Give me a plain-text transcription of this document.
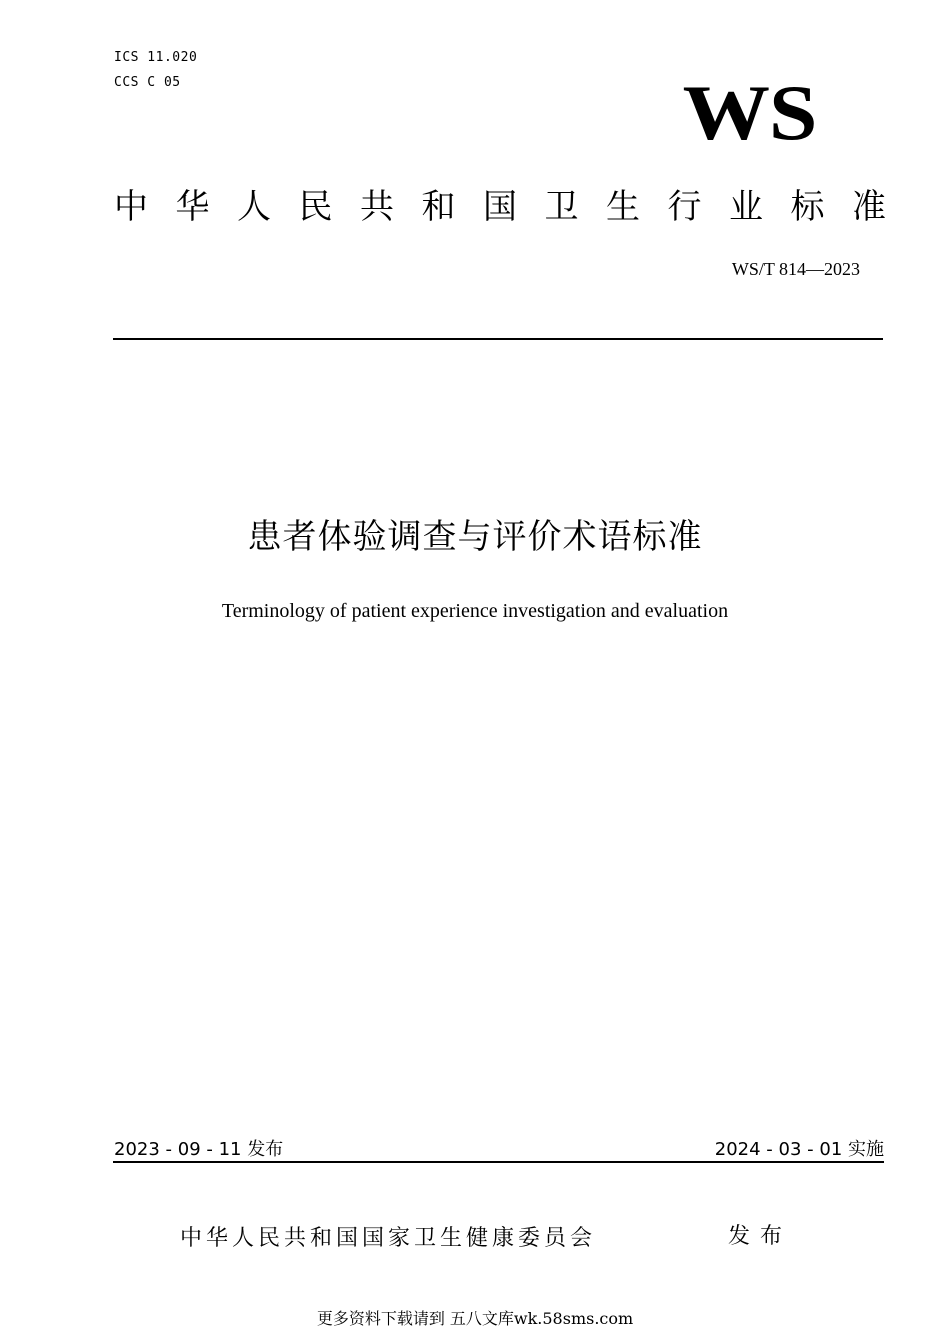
ICS 11.020
CCS C 05	WS
中 华 人 民 共 和 国 卫 生 行 业 标 准
WS/T 814—2023
患者体验调查与评价术语标准
Terminology of patient experience investigation and evaluation
2023 - 09 - 11 发布	2024 - 03 - 01 实施
中华人民共和国国家卫生健康委员会	发布
更多资料下载请到 五八文库wk.58sms.com
